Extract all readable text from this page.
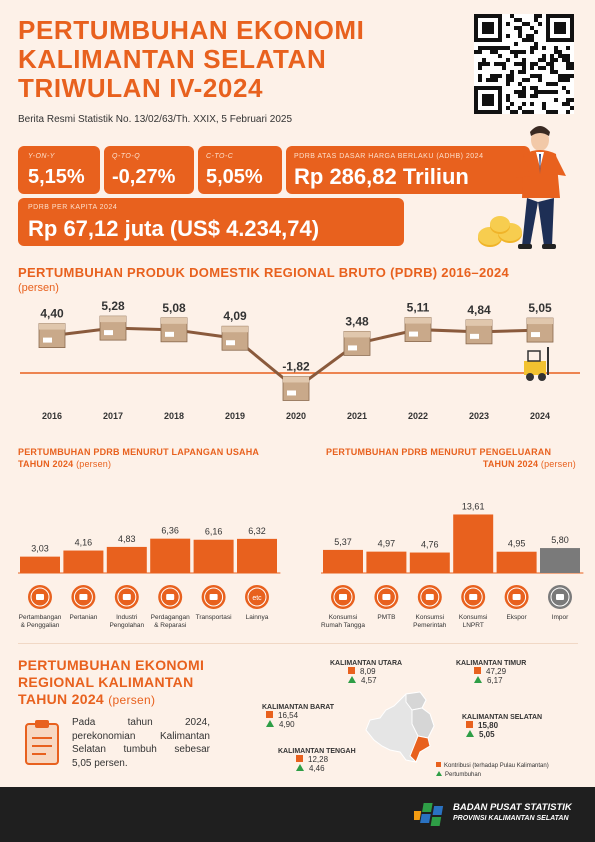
PERTUMBUHAN EKONOMI
KALIMANTAN SELATAN
TRIWULAN IV-2024
Berita Resmi Statistik No. 13/02/63/Th. XXIX, 5 Februari 2025
Y-ON-Y
5,15%
Q-TO-Q
-0,27%
C-TO-C
5,05%
PDRB ATAS DASAR HARGA BERLAKU (ADHB) 2024
Rp 286,82 Triliun
PDRB PER KAPITA 2024
Rp 67,12 juta (US$ 4.234,74)
PERTUMBUHAN PRODUK DOMESTIK REGIONAL BRUTO (PDRB) 2016–2024
(persen)
4,40
2016
5,28
2017
5,08
2018
4,09
2019
-1,82
2020
3,48
2021
5,11
2022
4,84
2023
5,05
2024
PERTUMBUHAN PDRB MENURUT LAPANGAN USAHA
TAHUN 2024 (persen)
3,03
Pertambangan
& Penggalian
4,16
Pertanian
4,83
Industri
Pengolahan
6,36
Perdagangan
& Reparasi
6,16
Transportasi
6,32
etc
Lainnya
PERTUMBUHAN PDRB MENURUT PENGELUARAN
TAHUN 2024 (persen)
5,37
Konsumsi
Rumah Tangga
4,97
PMTB
4,76
Konsumsi
Pemerintah
13,61
Konsumsi
LNPRT
4,95
Ekspor
5,80
Impor
PERTUMBUHAN EKONOMI
REGIONAL KALIMANTAN
TAHUN 2024 (persen)
Pada tahun 2024,
perekonomian Kalimantan
Selatan tumbuh sebesar
5,05 persen.
KALIMANTAN UTARA
8,09
4,57
KALIMANTAN TIMUR
47,29
6,17
KALIMANTAN BARAT
16,54
4,90
KALIMANTAN SELATAN
15,80
5,05
KALIMANTAN TENGAH
12,28
4,46	Kontribusi (terhadap Pulau Kalimantan)
Pertumbuhan
BADAN PUSAT STATISTIK
PROVINSI KALIMANTAN SELATAN
